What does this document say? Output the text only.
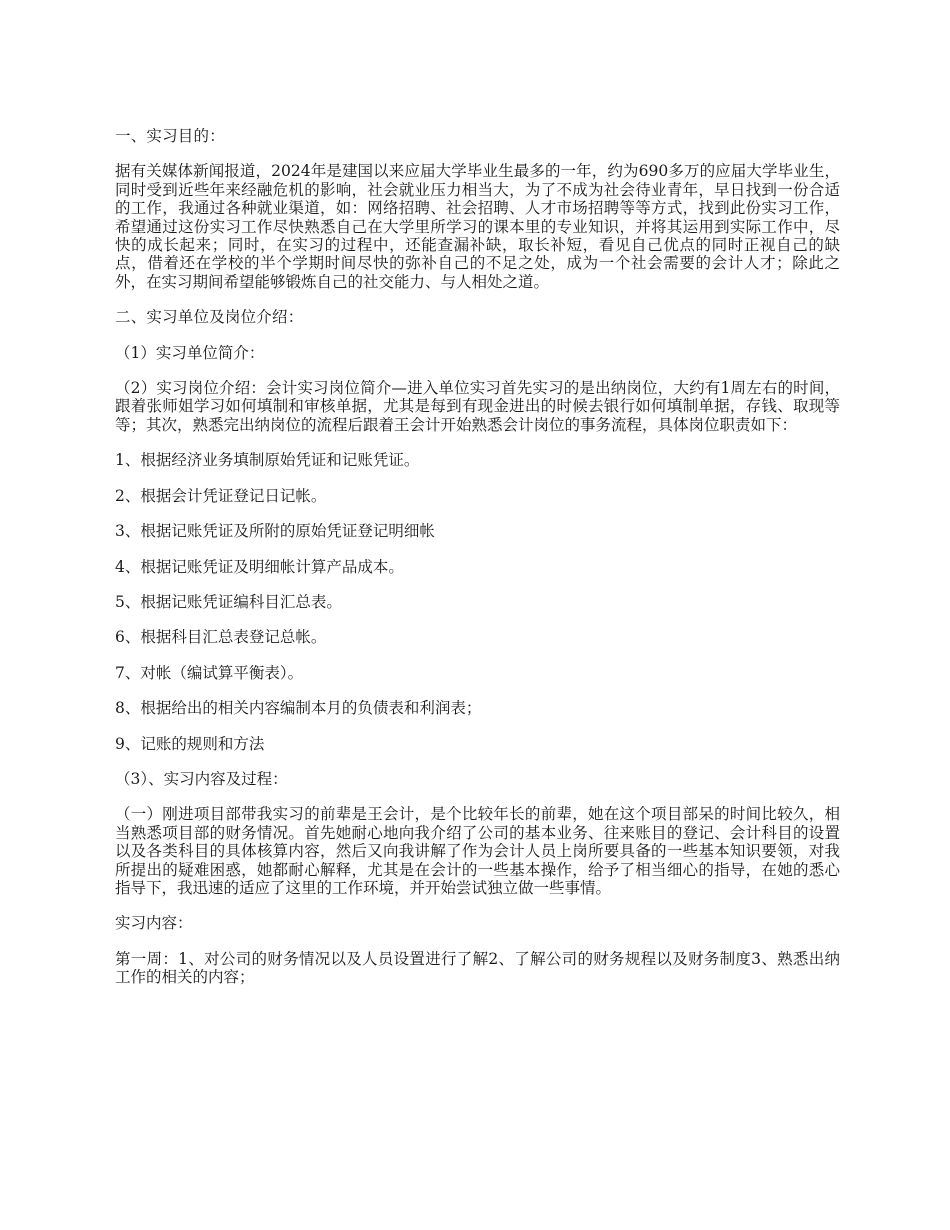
一、实习目的：

据有关媒体新闻报道，2024年是建国以来应届大学毕业生最多的一年，约为690多万的应届大学毕业生，同时受到近些年来经融危机的影响，社会就业压力相当大，为了不成为社会待业青年，早日找到一份合适的工作，我通过各种就业渠道，如：网络招聘、社会招聘、人才市场招聘等等方式，找到此份实习工作，希望通过这份实习工作尽快熟悉自己在大学里所学习的课本里的专业知识，并将其运用到实际工作中，尽快的成长起来；同时，在实习的过程中，还能查漏补缺，取长补短，看见自己优点的同时正视自己的缺点，借着还在学校的半个学期时间尽快的弥补自己的不足之处，成为一个社会需要的会计人才；除此之外，在实习期间希望能够锻炼自己的社交能力、与人相处之道。

二、实习单位及岗位介绍：

（1）实习单位简介：

（2）实习岗位介绍：会计实习岗位简介—进入单位实习首先实习的是出纳岗位，大约有1周左右的时间，跟着张师姐学习如何填制和审核单据，尤其是每到有现金进出的时候去银行如何填制单据，存钱、取现等等；其次，熟悉完出纳岗位的流程后跟着王会计开始熟悉会计岗位的事务流程，具体岗位职责如下：

1、根据经济业务填制原始凭证和记账凭证。

2、根据会计凭证登记日记帐。

3、根据记账凭证及所附的原始凭证登记明细帐

4、根据记账凭证及明细帐计算产品成本。

5、根据记账凭证编科目汇总表。

6、根据科目汇总表登记总帐。

7、对帐（编试算平衡表）。

8、根据给出的相关内容编制本月的负债表和利润表；

9、记账的规则和方法

（3）、实习内容及过程：

（一）刚进项目部带我实习的前辈是王会计，是个比较年长的前辈，她在这个项目部呆的时间比较久，相当熟悉项目部的财务情况。首先她耐心地向我介绍了公司的基本业务、往来账目的登记、会计科目的设置以及各类科目的具体核算内容，然后又向我讲解了作为会计人员上岗所要具备的一些基本知识要领，对我所提出的疑难困惑，她都耐心解释，尤其是在会计的一些基本操作，给予了相当细心的指导，在她的悉心指导下，我迅速的适应了这里的工作环境，并开始尝试独立做一些事情。

实习内容：

第一周：1、对公司的财务情况以及人员设置进行了解2、了解公司的财务规程以及财务制度3、熟悉出纳工作的相关的内容；
